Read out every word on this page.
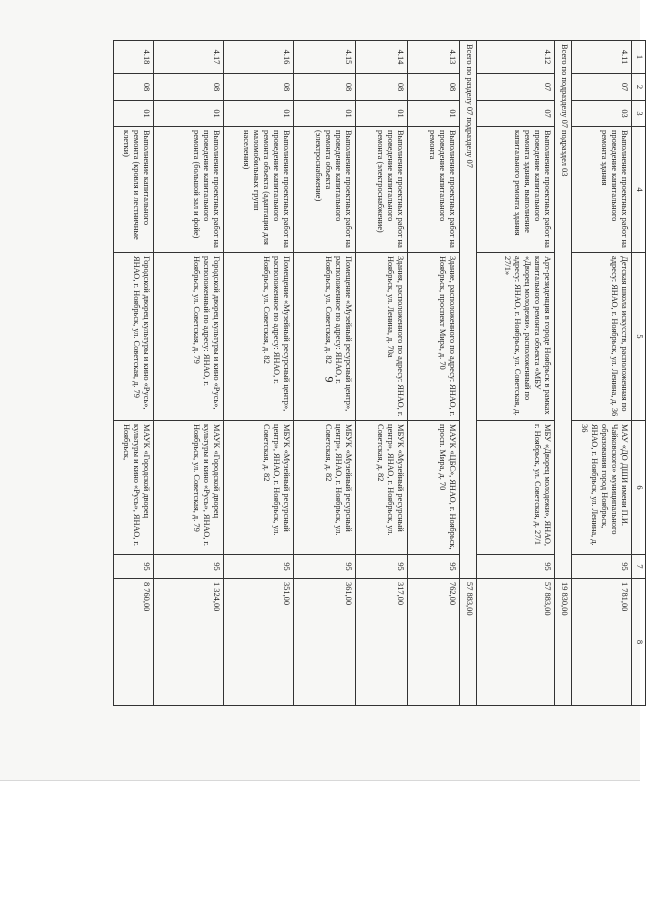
9
1	2	3	4	5	6	7	8
4.11	07	03	Выполнение проектных работ на проведение капитального ремонта здания	Детская школа искусств, расположенная по адресу: ЯНАО, г. Ноябрьск, ул. Ленина, д. 36	МАУ «ДО ДШИ имени П.И. Чайковского» муниципального образования город Ноябрьск, ЯНАО, г. Ноябрьск, ул. Ленина, д. 36	95	1 781,00
Всего по подразделу 07 подраздел 03							19 830,00
4.12	07	07	Выполнение проектных работ на проведение капитального ремонта здания, выполнение капитального ремонта здания	Арт-резиденция в городе Ноябрьск в рамках капитального ремонта объекта «МБУ «Дворец молодежи», расположенный по адресу: ЯНАО, г. Ноябрьск, ул. Советская, д. 27/1»	МБУ «Дворец молодежи», ЯНАО, г. Ноябрьск, ул. Советская, д. 27/1	95	57 883,00
Всего по разделу 07 подразделу 07							57 883,00
4.13	08	01	Выполнение проектных работ на проведение капитального ремонта	Здание, расположенного по адресу: ЯНАО, г. Ноябрьск, проспект Мира, д. 70	МАУК «ЦБС», ЯНАО, г. Ноябрьск, просп. Мира, д. 70	95	762,00
4.14	08	01	Выполнение проектных работ на проведение капитального ремонта (электроснабжение)	Здания, расположенного по адресу: ЯНАО, г. Ноябрьск, ул. Ленина, д. 70а	МБУК «Музейный ресурсный центр», ЯНАО, г. Ноябрьск, ул. Советская, д. 82	95	317,00
4.15	08	01	Выполнение проектных работ на проведение капитального ремонта объекта (электроснабжение)	Помещение «Музейный ресурсный центр», расположенное по адресу: ЯНАО, г. Ноябрьск, ул. Советская, д. 82	МБУК «Музейный ресурсный центр», ЯНАО, г. Ноябрьск, ул. Советская, д. 82	95	361,00
4.16	08	01	Выполнение проектных работ на проведение капитального ремонта объекта (адаптация для маломобильных групп населения)	Помещение «Музейный ресурсный центр», расположенное по адресу: ЯНАО, г. Ноябрьск, ул. Советская, д. 82	МБУК «Музейный ресурсный центр», ЯНАО, г. Ноябрьск, ул. Советская, д. 82	95	351,00
4.17	08	01	Выполнение проектных работ на проведение капитального ремонта (большой зал и фойе)	Городской дворец культуры и кино «Русь», расположенный по адресу: ЯНАО, г. Ноябрьск, ул. Советская, д. 79	МАУК «Городской дворец культуры и кино «Русь», ЯНАО, г. Ноябрьск, ул. Советская, д. 79	95	1 324,00
4.18	08	01	Выполнение капитального ремонта (кровля и лестничные клетки)	Городской дворец культуры и кино «Русь», ЯНАО, г. Ноябрьск, ул. Советская, д. 79	МАУК «Городской дворец культуры и кино «Русь», ЯНАО, г. Ноябрьск,	95	8 760,00
